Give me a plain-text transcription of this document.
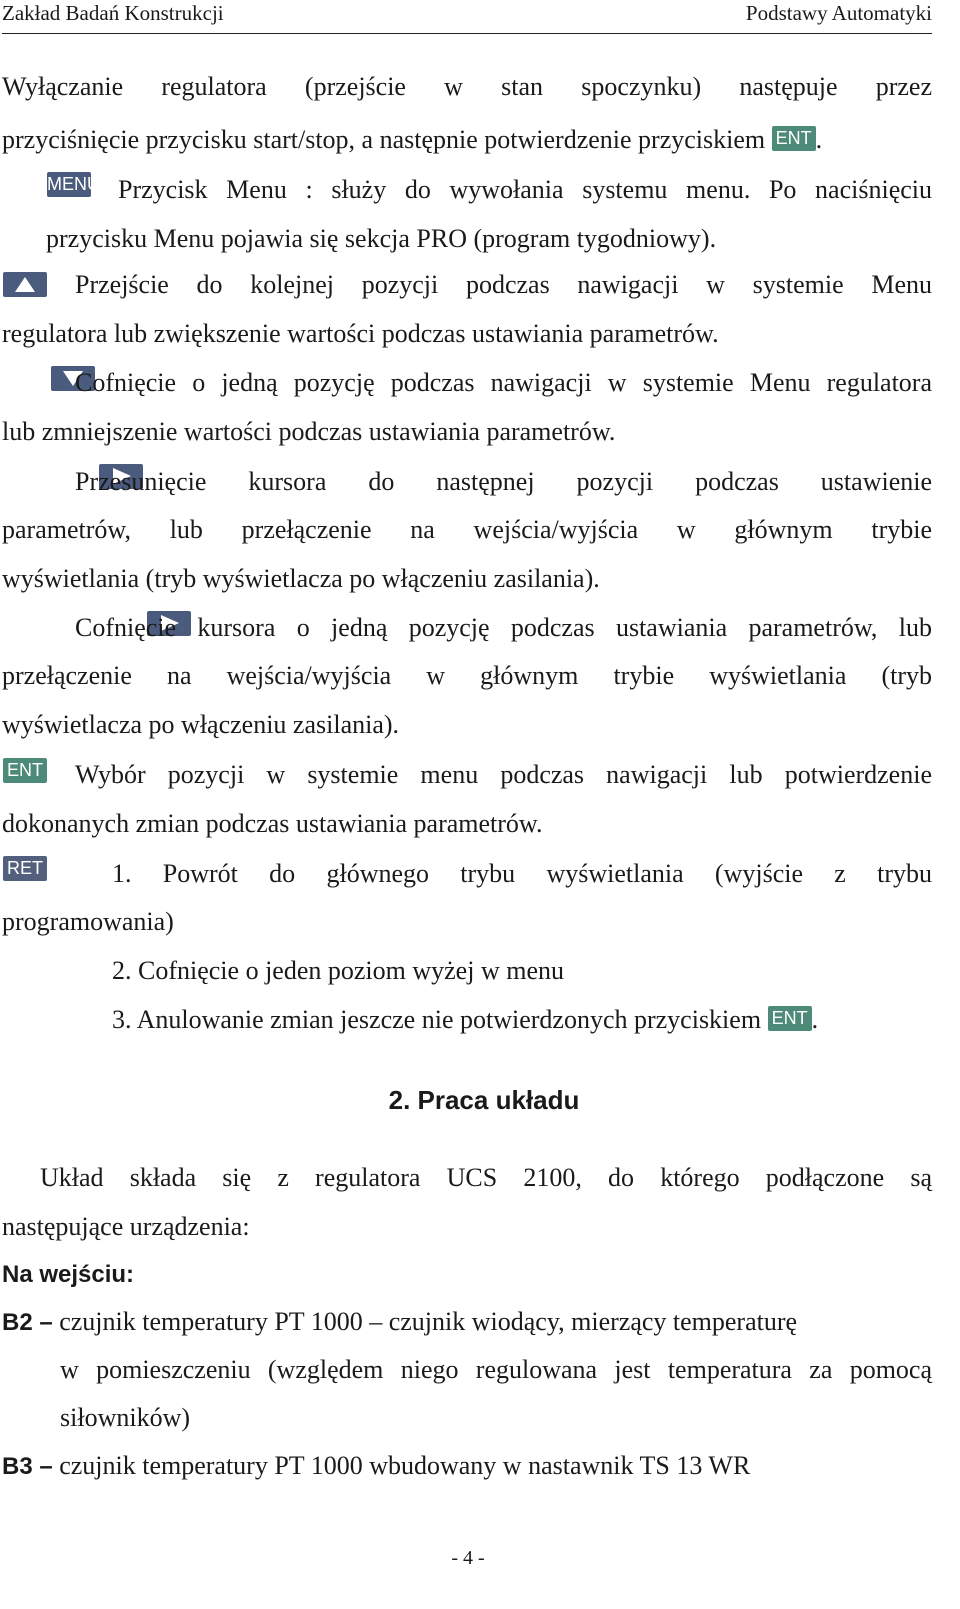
Zakład Badań Konstrukcji	Podstawy Automatyki
Wyłączanie regulatora (przejście w stan spoczynku) następuje przez
przyciśnięcie przycisku start/stop, a następnie potwierdzenie przyciskiem ENT .
MENU Przycisk Menu : służy do wywołania systemu menu. Po naciśnięciu
przycisku Menu pojawia się sekcja PRO (program tygodniowy).

Przejście do kolejnej pozycji podczas nawigacji w systemie Menu
regulatora lub zwiększenie wartości podczas ustawiania parametrów.

Cofnięcie o jedną pozycję podczas nawigacji w systemie Menu regulatora
lub zmniejszenie wartości podczas ustawiania parametrów.

Przesunięcie kursora do następnej pozycji podczas ustawienie
parametrów, lub przełączenie na wejścia/wyjścia w głównym trybie
wyświetlania (tryb wyświetlacza po włączeniu zasilania).
Cofnięcie kursora o jedną pozycję podczas ustawiania parametrów, lub
przełączenie na wejścia/wyjścia w głównym trybie wyświetlania (tryb
wyświetlacza po włączeniu zasilania).
ENT Wybór pozycji w systemie menu podczas nawigacji lub potwierdzenie
dokonanych zmian podczas ustawiania parametrów.
RET	1. Powrót do głównego trybu wyświetlania (wyjście z trybu
programowania)
2. Cofnięcie o jeden poziom wyżej w menu
3. Anulowanie zmian jeszcze nie potwierdzonych przyciskiem ENT .
2. Praca układu
Układ składa się z regulatora UCS 2100, do którego podłączone są
następujące urządzenia:
Na wejściu:
B2 – czujnik temperatury PT 1000 – czujnik wiodący, mierzący temperaturę
w pomieszczeniu (względem niego regulowana jest temperatura za pomocą
siłowników)
B3 – czujnik temperatury PT 1000 wbudowany w nastawnik TS 13 WR
- 4 -
